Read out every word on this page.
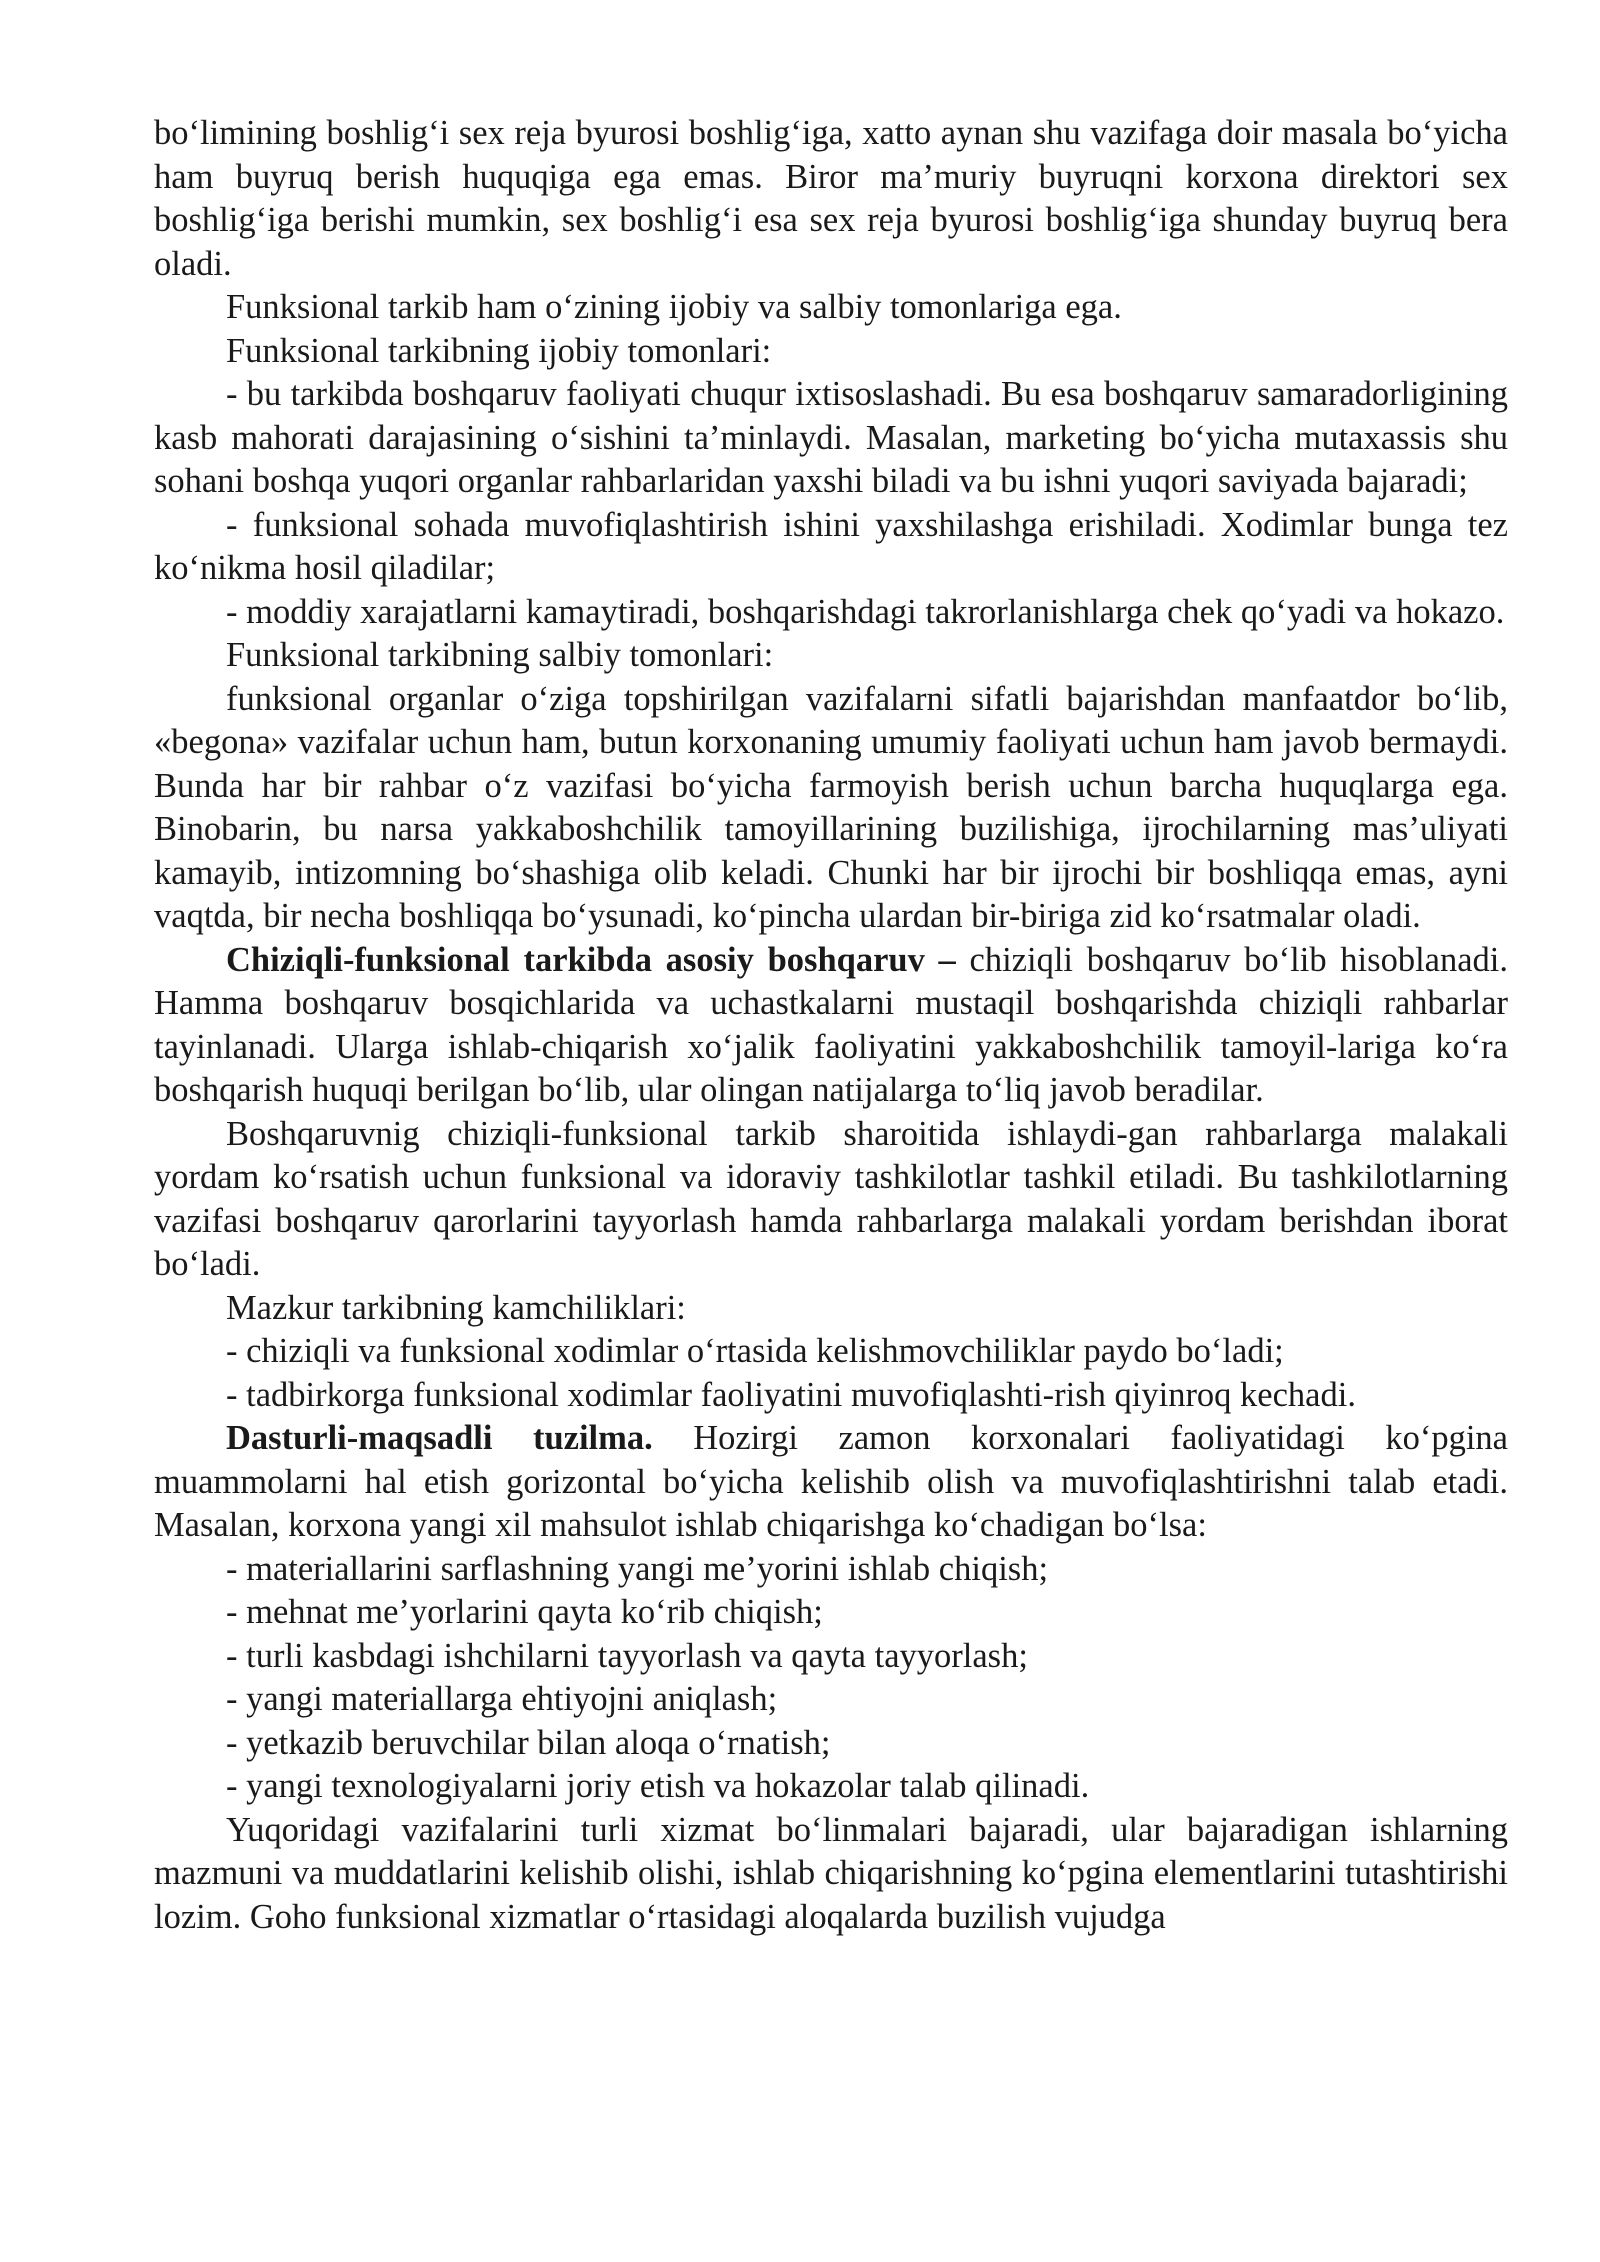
bo‘limining boshlig‘i sex reja byurosi boshlig‘iga, xatto aynan shu vazifaga doir masala bo‘yicha ham buyruq berish huquqiga ega emas. Biror ma’muriy buyruqni korxona direktori sex boshlig‘iga berishi mumkin, sex boshlig‘i esa sex reja byurosi boshlig‘iga shunday buyruq bera oladi.

Funksional tarkib ham o‘zining ijobiy va salbiy tomonlariga ega.

Funksional tarkibning ijobiy tomonlari:

- bu tarkibda boshqaruv faoliyati chuqur ixtisoslashadi. Bu esa boshqaruv samaradorligining kasb mahorati darajasining o‘sishini ta’minlaydi. Masalan, marketing bo‘yicha mutaxassis shu sohani boshqa yuqori organlar rahbarlaridan yaxshi biladi va bu ishni yuqori saviyada bajaradi;

- funksional sohada muvofiqlashtirish ishini yaxshilashga erishiladi. Xodimlar bunga tez ko‘nikma hosil qiladilar;

- moddiy xarajatlarni kamaytiradi, boshqarishdagi takrorlanishlarga chek qo‘yadi va hokazo.

Funksional tarkibning salbiy tomonlari:

funksional organlar o‘ziga topshirilgan vazifalarni sifatli bajarishdan manfaatdor bo‘lib, «begona» vazifalar uchun ham, butun korxonaning umumiy faoliyati uchun ham javob bermaydi. Bunda har bir rahbar o‘z vazifasi bo‘yicha farmoyish berish uchun barcha huquqlarga ega. Binobarin, bu narsa yakkaboshchilik tamoyillarining buzilishiga, ijrochilarning mas’uliyati kamayib, intizomning bo‘shashiga olib keladi. Chunki har bir ijrochi bir boshliqqa emas, ayni vaqtda, bir necha boshliqqa bo‘ysunadi, ko‘pincha ulardan bir-biriga zid ko‘rsatmalar oladi.

Chiziqli-funksional tarkibda asosiy boshqaruv – chiziqli boshqaruv bo‘lib hisoblanadi. Hamma boshqaruv bosqichlarida va uchastkalarni mustaqil boshqarishda chiziqli rahbarlar tayinlanadi. Ularga ishlab-chiqarish xo‘jalik faoliyatini yakkaboshchilik tamoyil-lariga ko‘ra boshqarish huquqi berilgan bo‘lib, ular olingan natijalarga to‘liq javob beradilar.

Boshqaruvnig chiziqli-funksional tarkib sharoitida ishlaydi-gan rahbarlarga malakali yordam ko‘rsatish uchun funksional va idoraviy tashkilotlar tashkil etiladi. Bu tashkilotlarning vazifasi boshqaruv qarorlarini tayyorlash hamda rahbarlarga malakali yordam berishdan iborat bo‘ladi.

Mazkur tarkibning kamchiliklari:

- chiziqli va funksional xodimlar o‘rtasida kelishmovchiliklar paydo bo‘ladi;

- tadbirkorga funksional xodimlar faoliyatini muvofiqlashti-rish qiyinroq kechadi.

Dasturli-maqsadli tuzilma. Hozirgi zamon korxonalari faoliyatidagi ko‘pgina muammolarni hal etish gorizontal bo‘yicha kelishib olish va muvofiqlashtirishni talab etadi. Masalan, korxona yangi xil mahsulot ishlab chiqarishga ko‘chadigan bo‘lsa:

- materiallarini sarflashning yangi me’yorini ishlab chiqish;

- mehnat me’yorlarini qayta ko‘rib chiqish;

- turli kasbdagi ishchilarni tayyorlash va qayta tayyorlash;

- yangi materiallarga ehtiyojni aniqlash;

- yetkazib beruvchilar bilan aloqa o‘rnatish;

- yangi texnologiyalarni joriy etish va hokazolar talab qilinadi.

Yuqoridagi vazifalarini turli xizmat bo‘linmalari bajaradi, ular bajaradigan ishlarning mazmuni va muddatlarini kelishib olishi, ishlab chiqarishning ko‘pgina elementlarini tutashtirishi lozim. Goho funksional xizmatlar o‘rtasidagi aloqalarda buzilish vujudga
